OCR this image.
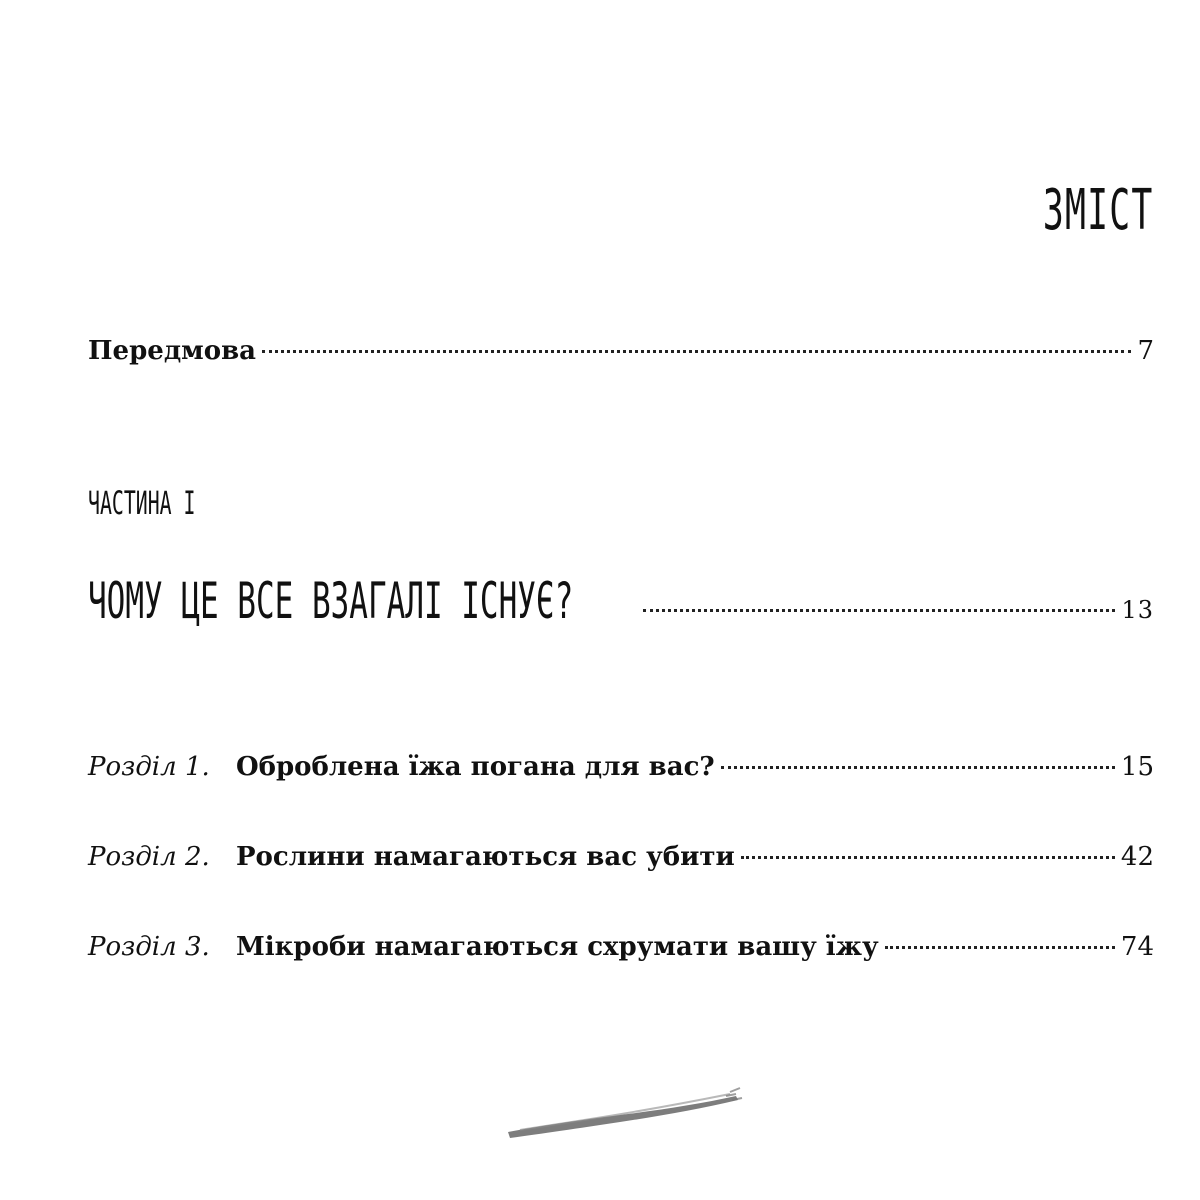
ЗМІСТ
Передмова	7
ЧАСТИНА І
ЧОМУ ЦЕ ВСЕ ВЗАГАЛІ ІСНУЄ?	13
Розділ 1.	Оброблена їжа погана для вас?	15
Розділ 2.	Рослини намагаються вас убити	42
Розділ 3.	Мікроби намагаються схрумати вашу їжу	74
